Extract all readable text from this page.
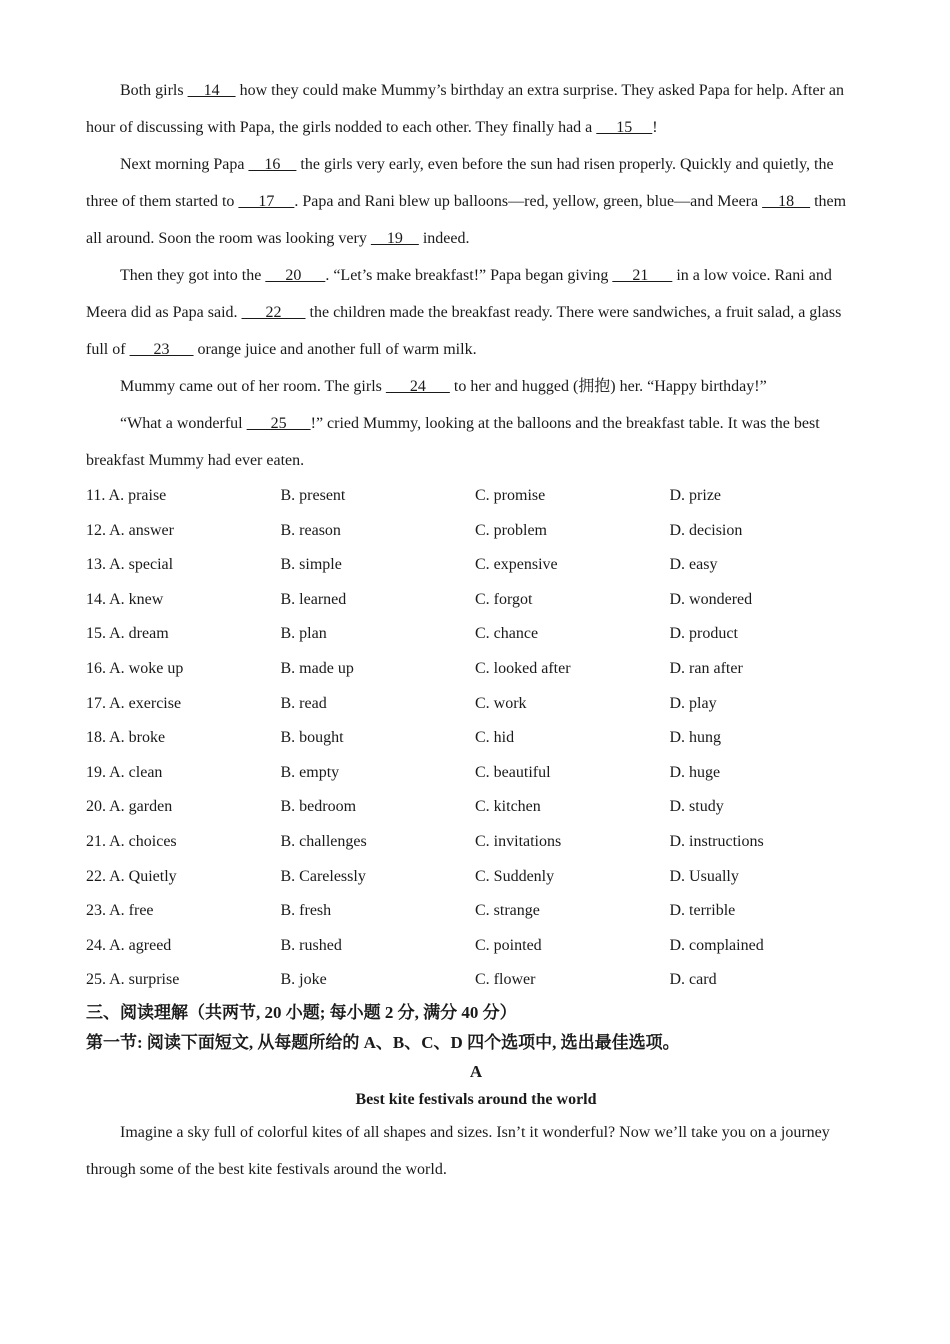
Both girls     14     how they could make Mummy’s birthday an extra surprise. They asked Papa for help. After an hour of discussing with Papa, the girls nodded to each other. They finally had a      15     !

Next morning Papa     16     the girls very early, even before the sun had risen properly. Quickly and quietly, the three of them started to      17     . Papa and Rani blew up balloons—red, yellow, green, blue—and Meera     18     them all around. Soon the room was looking very     19     indeed.

Then they got into the      20      . “Let’s make breakfast!” Papa began giving      21       in a low voice. Rani and Meera did as Papa said.       22       the children made the breakfast ready. There were sandwiches, a fruit salad, a glass full of       23       orange juice and another full of warm milk.

Mummy came out of her room. The girls       24       to her and hugged (拥抱) her. “Happy birthday!”

“What a wonderful       25      !” cried Mummy, looking at the balloons and the breakfast table. It was the best breakfast Mummy had ever eaten.

11. A. praise	B. present	C. promise	D. prize
12. A. answer	B. reason	C. problem	D. decision
13. A. special	B. simple	C. expensive	D. easy
14. A. knew	B. learned	C. forgot	D. wondered
15. A. dream	B. plan	C. chance	D. product
16. A. woke up	B. made up	C. looked after	D. ran after
17. A. exercise	B. read	C. work	D. play
18. A. broke	B. bought	C. hid	D. hung
19. A. clean	B. empty	C. beautiful	D. huge
20. A. garden	B. bedroom	C. kitchen	D. study
21. A. choices	B. challenges	C. invitations	D. instructions
22. A. Quietly	B. Carelessly	C. Suddenly	D. Usually
23. A. free	B. fresh	C. strange	D. terrible
24. A. agreed	B. rushed	C. pointed	D. complained
25. A. surprise	B. joke	C. flower	D. card

三、阅读理解（共两节, 20 小题; 每小题 2 分, 满分 40 分）

第一节: 阅读下面短文, 从每题所给的 A、B、C、D 四个选项中, 选出最佳选项。

A

Best kite festivals around the world

Imagine a sky full of colorful kites of all shapes and sizes. Isn’t it wonderful? Now we’ll take you on a journey through some of the best kite festivals around the world.
